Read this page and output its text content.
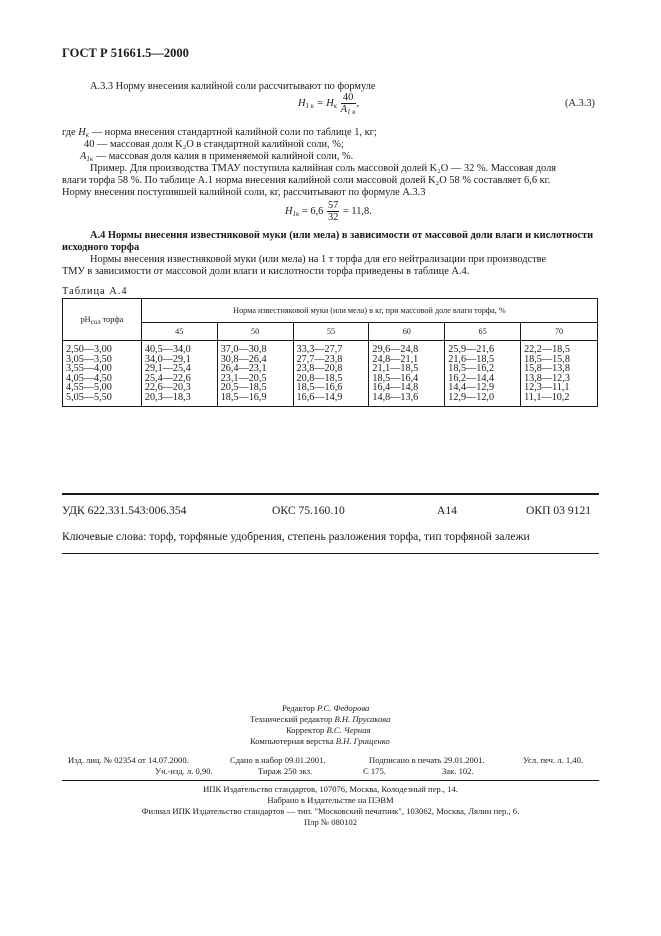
ГОСТ Р 51661.5—2000
А.3.3 Норму внесения калийной соли рассчитывают по формуле
$Н_{1 к} = Н_к \frac{40}{А_{1 к}}$ ,	(А.3.3)
где $Н_к$ — норма внесения стандартной калийной соли по таблице 1, кг;
40 — массовая доля K₂O в стандартной калийной соли, %;
$А_{1к}$ — массовая доля калия в применяемой калийной соли, %.
Пример. Для производства ТМАУ поступила калийная соль массовой долей K₂O — 32 %. Массовая доля
влаги торфа 58 %. По таблице А.1 норма внесения калийной соли массовой долей K₂O 58 % составляет 6,6 кг.
Норму внесения поступившей калийной соли, кг, рассчитывают по формуле А.3.3
$Н_{1к} = 6,6 \frac{57}{32} = 11,8$.
А.4 Нормы внесения известняковой муки (или мела) в зависимости от массовой доли влаги и кислотности
исходного торфа
Нормы внесения известняковой муки (или мела) на 1 т торфа для его нейтрализации при производстве
ТМУ в зависимости от массовой доли влаги и кислотности торфа приведены в таблице А.4.
Таблица А.4
$pH_{сол}$ торфа	Норма известняковой муки (или мела) в кг, при массовой доле влаги торфа, %					
	45	50	55	60	65	70
2,50—3,00	40,5—34,0	37,0—30,8	33,3—27,7	29,6—24,8	25,9—21,6	22,2—18,5
3,05—3,50	34,0—29,1	30,8—26,4	27,7—23,8	24,8—21,1	21,6—18,5	18,5—15,8
3,55—4,00	29,1—25,4	26,4—23,1	23,8—20,8	21,1—18,5	18,5—16,2	15,8—13,8
4,05—4,50	25,4—22,6	23,1—20,5	20,8—18,5	18,5—16,4	16,2—14,4	13,8—12,3
4,55—5,00	22,6—20,3	20,5—18,5	18,5—16,6	16,4—14,8	14,4—12,9	12,3—11,1
5,05—5,50	20,3—18,3	18,5—16,9	16,6—14,9	14,8—13,6	12,9—12,0	11,1—10,2
УДК 622.331.543:006.354	ОКС 75.160.10	А14	ОКП 03 9121
Ключевые слова: торф, торфяные удобрения, степень разложения торфа, тип торфяной залежи
Редактор Р.С. Федорова
Технический редактор В.Н. Прусакова
Корректор В.С. Черная
Компьютерная верстка В.Н. Грищенко
Изд. лиц. № 02354 от 14.07.2000.	Сдано в набор 09.01.2001.	Подписано в печать 29.01.2001.	Усл. печ. л. 1,40.
Уч.-изд. л. 0,90.	Тираж 250 экз.	С 175.	Зак. 102.
ИПК Издательство стандартов, 107076, Москва, Колодезный пер., 14.
Набрано в Издательстве на ПЭВМ
Филиал ИПК Издательство стандартов — тип. "Московский печатник", 103062, Москва, Лялин пер., 6.
Плр № 080102
